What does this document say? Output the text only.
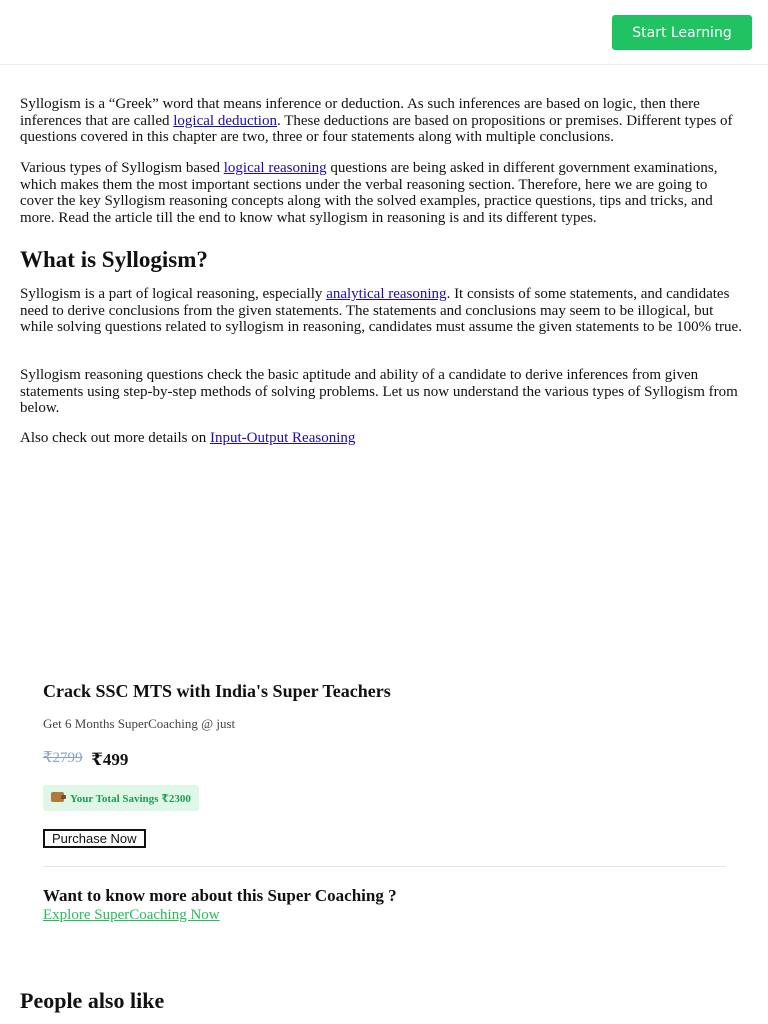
Start Learning

Syllogism is a “Greek” word that means inference or deduction. As such inferences are based on logic, then there inferences that are called logical deduction. These deductions are based on propositions or premises. Different types of questions covered in this chapter are two, three or four statements along with multiple conclusions.

Various types of Syllogism based logical reasoning questions are being asked in different government examinations, which makes them the most important sections under the verbal reasoning section. Therefore, here we are going to cover the key Syllogism reasoning concepts along with the solved examples, practice questions, tips and tricks, and more. Read the article till the end to know what syllogism in reasoning is and its different types.

What is Syllogism?

Syllogism is a part of logical reasoning, especially analytical reasoning. It consists of some statements, and candidates need to derive conclusions from the given statements. The statements and conclusions may seem to be illogical, but while solving questions related to syllogism in reasoning, candidates must assume the given statements to be 100% true.

Syllogism reasoning questions check the basic aptitude and ability of a candidate to derive inferences from given statements using step-by-step methods of solving problems. Let us now understand the various types of Syllogism from below.

Also check out more details on Input-Output Reasoning

Crack SSC MTS with India's Super Teachers
Get 6 Months SuperCoaching @ just
₹2799 ₹499
Your Total Savings ₹2300
Purchase Now
Want to know more about this Super Coaching ?
Explore SuperCoaching Now
People also like
